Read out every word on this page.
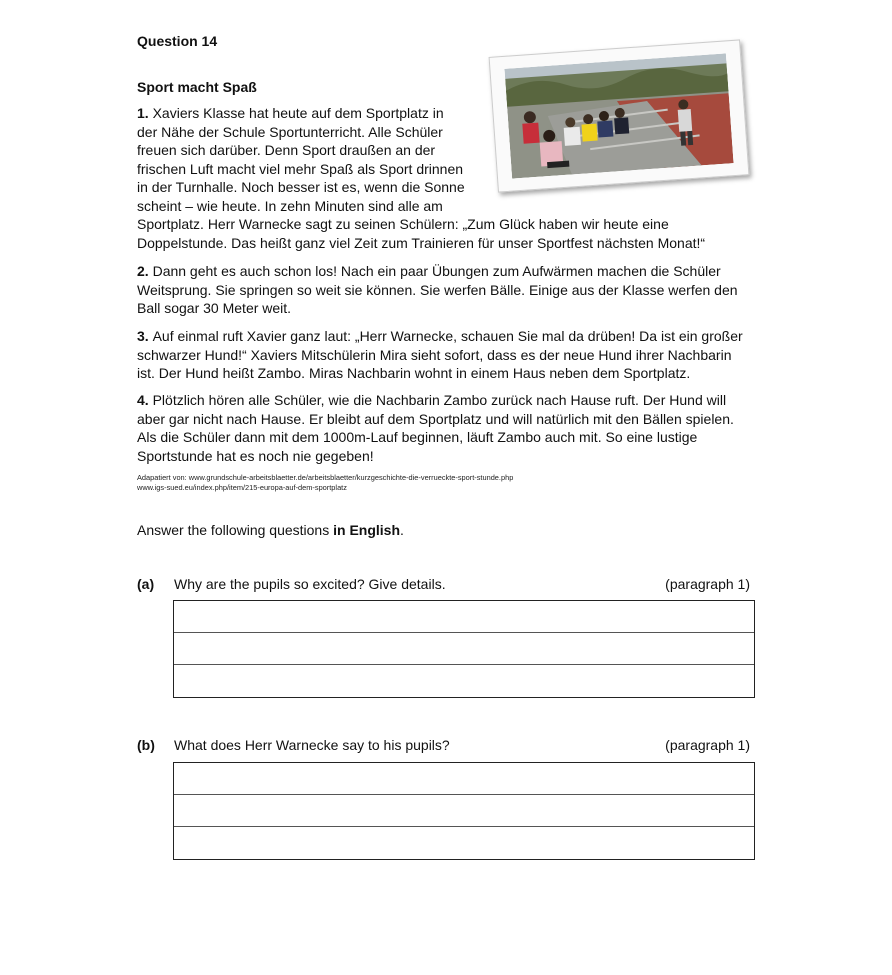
Question 14
Sport macht Spaß
1. Xaviers Klasse hat heute auf dem Sportplatz in
der Nähe der Schule Sportunterricht. Alle Schüler
freuen sich darüber. Denn Sport draußen an der
frischen Luft macht viel mehr Spaß als Sport drinnen
in der Turnhalle. Noch besser ist es, wenn die Sonne
scheint – wie heute. In zehn Minuten sind alle am
Sportplatz. Herr Warnecke sagt zu seinen Schülern: „Zum Glück haben wir heute eine
Doppelstunde. Das heißt ganz viel Zeit zum Trainieren für unser Sportfest nächsten Monat!“
2. Dann geht es auch schon los! Nach ein paar Übungen zum Aufwärmen machen die Schüler
Weitsprung. Sie springen so weit sie können. Sie werfen Bälle. Einige aus der Klasse werfen den
Ball sogar 30 Meter weit.
3. Auf einmal ruft Xavier ganz laut: „Herr Warnecke, schauen Sie mal da drüben! Da ist ein großer
schwarzer Hund!“ Xaviers Mitschülerin Mira sieht sofort, dass es der neue Hund ihrer Nachbarin
ist. Der Hund heißt Zambo. Miras Nachbarin wohnt in einem Haus neben dem Sportplatz.
4. Plötzlich hören alle Schüler, wie die Nachbarin Zambo zurück nach Hause ruft. Der Hund will
aber gar nicht nach Hause. Er bleibt auf dem Sportplatz und will natürlich mit den Bällen spielen.
Als die Schüler dann mit dem 1000m-Lauf beginnen, läuft Zambo auch mit. So eine lustige
Sportstunde hat es noch nie gegeben!
Adapatiert von: www.grundschule-arbeitsblaetter.de/arbeitsblaetter/kurzgeschichte-die-verrueckte-sport-stunde.php
www.igs-sued.eu/index.php/item/215-europa-auf-dem-sportplatz
Answer the following questions in English.
(a) Why are the pupils so excited? Give details.	(paragraph 1)
(b) What does Herr Warnecke say to his pupils?	(paragraph 1)
